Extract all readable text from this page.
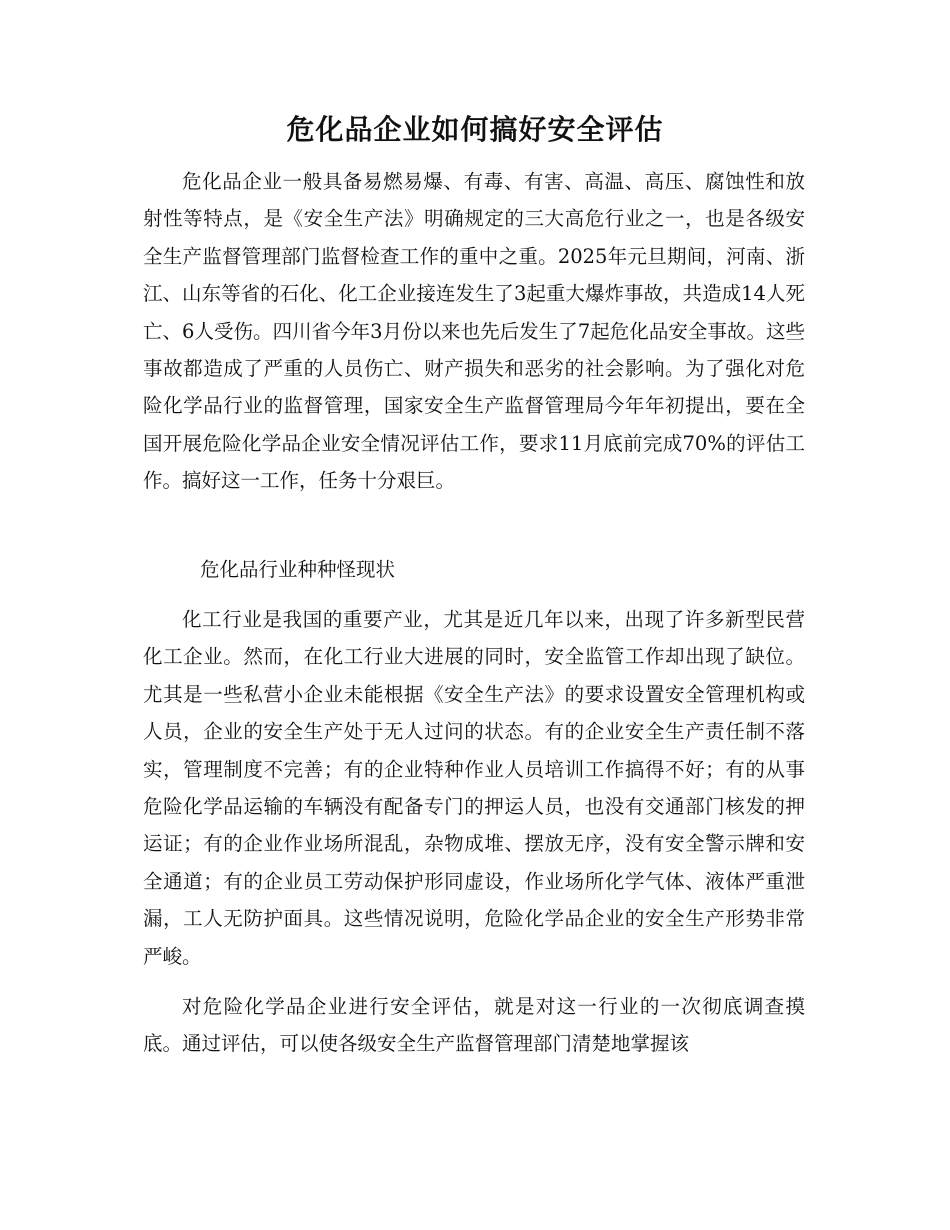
危化品企业如何搞好安全评估

危化品企业一般具备易燃易爆、有毒、有害、高温、高压、腐蚀性和放射性等特点，是《安全生产法》明确规定的三大高危行业之一，也是各级安全生产监督管理部门监督检查工作的重中之重。2025年元旦期间，河南、浙江、山东等省的石化、化工企业接连发生了3起重大爆炸事故，共造成14人死亡、6人受伤。四川省今年3月份以来也先后发生了7起危化品安全事故。这些事故都造成了严重的人员伤亡、财产损失和恶劣的社会影响。为了强化对危险化学品行业的监督管理，国家安全生产监督管理局今年年初提出，要在全国开展危险化学品企业安全情况评估工作，要求11月底前完成70%的评估工作。搞好这一工作，任务十分艰巨。

危化品行业种种怪现状

化工行业是我国的重要产业，尤其是近几年以来，出现了许多新型民营化工企业。然而，在化工行业大进展的同时，安全监管工作却出现了缺位。尤其是一些私营小企业未能根据《安全生产法》的要求设置安全管理机构或人员，企业的安全生产处于无人过问的状态。有的企业安全生产责任制不落实，管理制度不完善；有的企业特种作业人员培训工作搞得不好；有的从事危险化学品运输的车辆没有配备专门的押运人员，也没有交通部门核发的押运证；有的企业作业场所混乱，杂物成堆、摆放无序，没有安全警示牌和安全通道；有的企业员工劳动保护形同虚设，作业场所化学气体、液体严重泄漏，工人无防护面具。这些情况说明，危险化学品企业的安全生产形势非常严峻。

对危险化学品企业进行安全评估，就是对这一行业的一次彻底调查摸底。通过评估，可以使各级安全生产监督管理部门清楚地掌握该
